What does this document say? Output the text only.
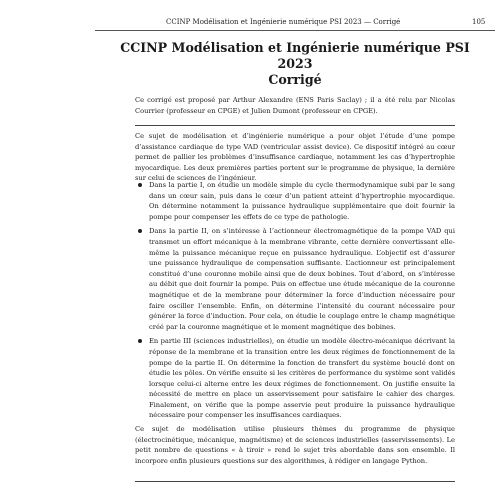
CCINP Modélisation et Ingénierie numérique PSI 2023 — Corrigé	105
CCINP Modélisation et Ingénierie numérique PSI
2023
Corrigé

Ce corrigé est proposé par Arthur Alexandre (ENS Paris Saclay) ; il a été relu par Nicolas Courrier (professeur en CPGE) et Julien Dumont (professeur en CPGE).

Ce sujet de modélisation et d’ingénierie numérique a pour objet l’étude d’une pompe d’assistance cardiaque de type VAD (ventricular assist device). Ce dispositif intégré au cœur permet de pallier les problèmes d’insuffisance cardiaque, notamment les cas d’hypertrophie myocardique. Les deux premières parties portent sur le programme de physique, la dernière sur celui de sciences de l’ingénieur.

Dans la partie I, on étudie un modèle simple du cycle thermodynamique subi par le sang dans un cœur sain, puis dans le cœur d’un patient atteint d’hypertrophie myocardique. On détermine notamment la puissance hydraulique supplémentaire que doit fournir la pompe pour compenser les effets de ce type de pathologie.
Dans la partie II, on s’intéresse à l’actionneur électromagnétique de la pompe VAD qui transmet un effort mécanique à la membrane vibrante, cette dernière convertissant elle-même la puissance mécanique reçue en puissance hydraulique. L’objectif est d’assurer une puissance hydraulique de compensation suffisante. L’actionneur est principalement constitué d’une couronne mobile ainsi que de deux bobines. Tout d’abord, on s’intéresse au débit que doit fournir la pompe. Puis on effectue une étude mécanique de la couronne magnétique et de la membrane pour déterminer la force d’induction nécessaire pour faire osciller l’ensemble. Enfin, on détermine l’intensité du courant nécessaire pour générer la force d’induction. Pour cela, on étudie le couplage entre le champ magnétique créé par la couronne magnétique et le moment magnétique des bobines.
En partie III (sciences industrielles), on étudie un modèle électro-mécanique décrivant la réponse de la membrane et la transition entre les deux régimes de fonctionnement de la pompe de la partie II. On détermine la fonction de transfert du système bouclé dont on étudie les pôles. On vérifie ensuite si les critères de performance du système sont validés lorsque celui-ci alterne entre les deux régimes de fonctionnement. On justifie ensuite la nécessité de mettre en place un asservissement pour satisfaire le cahier des charges. Finalement, on vérifie que la pompe asservie peut produire la puissance hydraulique nécessaire pour compenser les insuffisances cardiaques.

Ce sujet de modélisation utilise plusieurs thèmes du programme de physique (électrocinétique, mécanique, magnétisme) et de sciences industrielles (asservissements). Le petit nombre de questions « à tiroir » rend le sujet très abordable dans son ensemble. Il incorpore enfin plusieurs questions sur des algorithmes, à rédiger en langage Python.
